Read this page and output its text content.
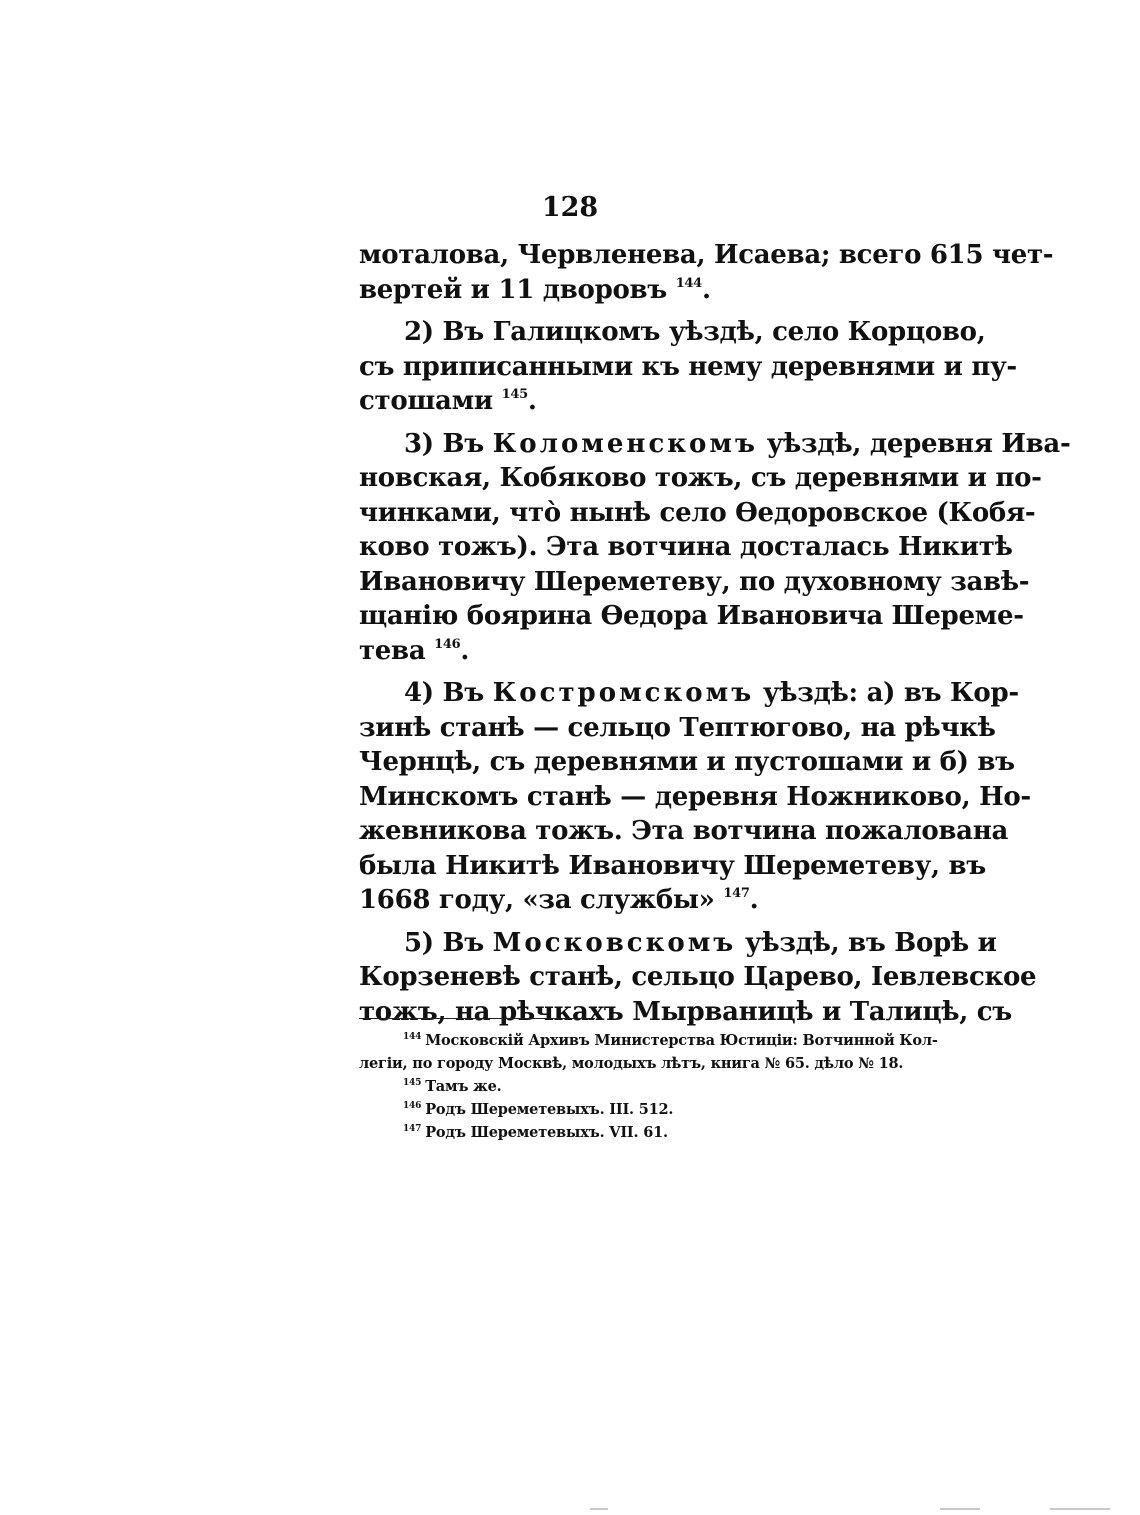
128
моталова, Червленева, Исаева; всего 615 чет-
вертей и 11 дворовъ $^{144}$.
2) Въ Галицкомъ уѣздѣ, село Корцово,
съ приписанными къ нему деревнями и пу-
стошами $^{145}$.
3) Въ Коломенскомъ уѣздѣ, деревня Ива-
новская, Кобяково тожъ, съ деревнями и по-
чинками, что̀ нынѣ село Ѳедоровское (Кобя-
ково тожъ). Эта вотчина досталась Никитѣ
Ивановичу Шереметеву, по духовному завѣ-
щанію боярина Ѳедора Ивановича Шереме-
тева $^{146}$.
4) Въ Костромскомъ уѣздѣ: а) въ Кор-
зинѣ станѣ — сельцо Тептюгово, на рѣчкѣ
Чернцѣ, съ деревнями и пустошами и б) въ
Минскомъ станѣ — деревня Ножниково, Но-
жевникова тожъ. Эта вотчина пожалована
была Никитѣ Ивановичу Шереметеву, въ
1668 году, «за службы» $^{147}$.
5) Въ Московскомъ уѣздѣ, въ Ворѣ и
Корзеневѣ станѣ, сельцо Царево, Іевлевское
тожъ, на рѣчкахъ Мырваницѣ и Талицѣ, съ
$^{144}$ Московскій Архивъ Министерства Юстиціи: Вотчинной Кол-
легіи, по городу Москвѣ, молодыхъ лѣтъ, книга № 65. дѣло № 18.
$^{145}$ Тамъ же.
$^{146}$ Родъ Шереметевыхъ. III. 512.
$^{147}$ Родъ Шереметевыхъ. VII. 61.
